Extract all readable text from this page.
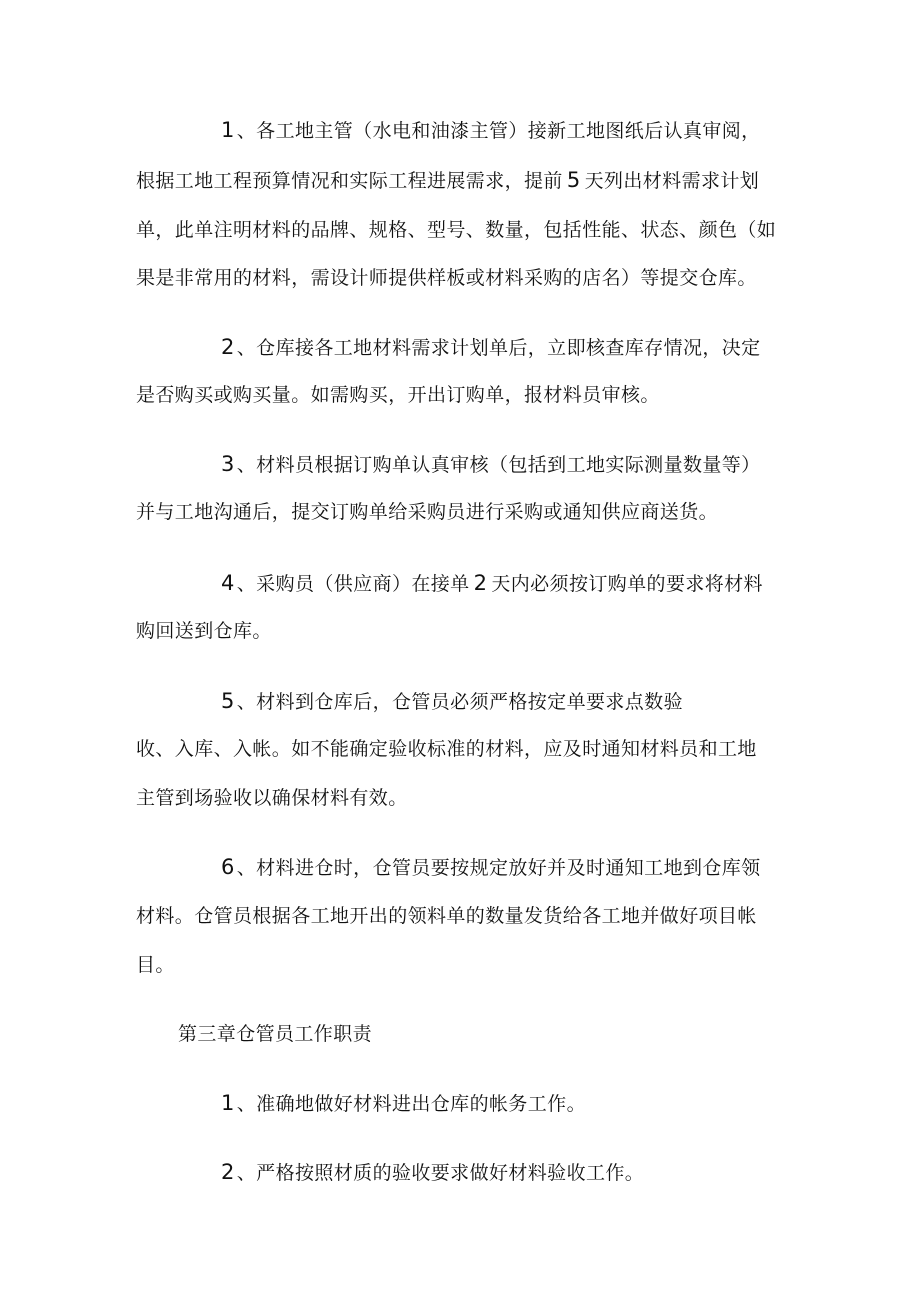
1 、各工地主管（水电和油漆主管）接新工地图纸后认真审阅，
根据工地工程预算情况和实际工程进展需求，提前 5 天列出材料需求计划
单，此单注明材料的品牌、规格、型号、数量，包括性能、状态、颜色（如
果是非常用的材料，需设计师提供样板或材料采购的店名）等提交仓库。
2 、仓库接各工地材料需求计划单后，立即核查库存情况，决定
是否购买或购买量。如需购买，开出订购单，报材料员审核。
3 、材料员根据订购单认真审核（包括到工地实际测量数量等）
并与工地沟通后，提交订购单给采购员进行采购或通知供应商送货。
4 、采购员（供应商）在接单 2 天内必须按订购单的要求将材料
购回送到仓库。
5 、材料到仓库后，仓管员必须严格按定单要求点数验
收、入库、入帐。如不能确定验收标准的材料，应及时通知材料员和工地
主管到场验收以确保材料有效。
6 、材料进仓时，仓管员要按规定放好并及时通知工地到仓库领
材料。仓管员根据各工地开出的领料单的数量发货给各工地并做好项目帐
目。
第三章仓管员工作职责
1 、准确地做好材料进出仓库的帐务工作。
2 、严格按照材质的验收要求做好材料验收工作。
